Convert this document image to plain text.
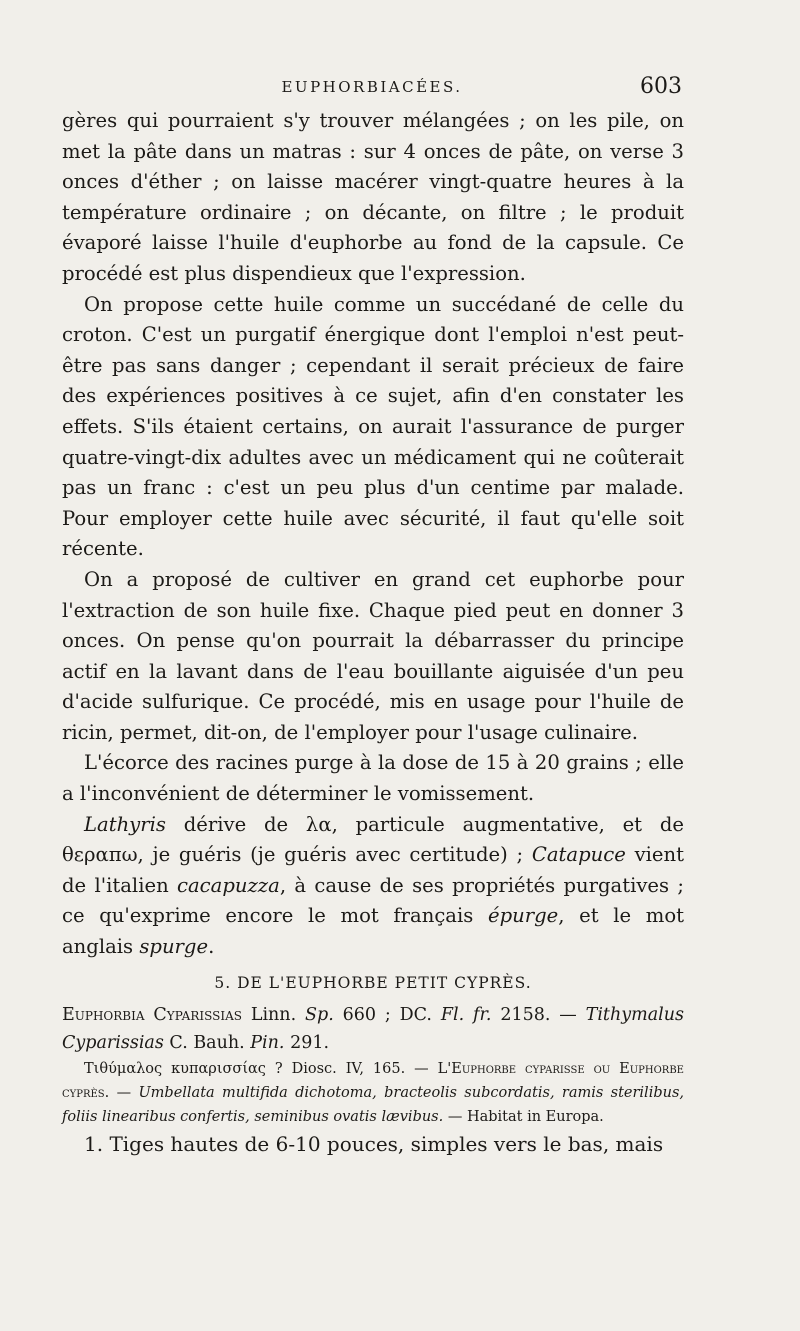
EUPHORBIACÉES.	603

gères qui pourraient s'y trouver mélangées ; on les pile, on met la pâte dans un matras : sur 4 onces de pâte, on verse 3 onces d'éther ; on laisse macérer vingt-quatre heures à la température ordinaire ; on décante, on filtre ; le produit évaporé laisse l'huile d'euphorbe au fond de la capsule. Ce procédé est plus dispendieux que l'expression.

On propose cette huile comme un succédané de celle du croton. C'est un purgatif énergique dont l'emploi n'est peut-être pas sans danger ; cependant il serait précieux de faire des expériences positives à ce sujet, afin d'en constater les effets. S'ils étaient certains, on aurait l'assurance de purger quatre-vingt-dix adultes avec un médicament qui ne coûterait pas un franc : c'est un peu plus d'un centime par malade. Pour employer cette huile avec sécurité, il faut qu'elle soit récente.

On a proposé de cultiver en grand cet euphorbe pour l'extraction de son huile fixe. Chaque pied peut en donner 3 onces. On pense qu'on pourrait la débarrasser du principe actif en la lavant dans de l'eau bouillante aiguisée d'un peu d'acide sulfurique. Ce procédé, mis en usage pour l'huile de ricin, permet, dit-on, de l'employer pour l'usage culinaire.

L'écorce des racines purge à la dose de 15 à 20 grains ; elle a l'inconvénient de déterminer le vomissement.

Lathyris dérive de λα, particule augmentative, et de θεραπω, je guéris (je guéris avec certitude) ; Catapuce vient de l'italien cacapuzza, à cause de ses propriétés purgatives ; ce qu'exprime encore le mot français épurge, et le mot anglais spurge.

5. DE L'EUPHORBE PETIT CYPRÈS.

Euphorbia Cyparissias Linn. Sp. 660 ; DC. Fl. fr. 2158. — Tithymalus Cyparissias C. Bauh. Pin. 291.

Τιθύμαλος κυπαρισσίας ? Diosc. IV, 165. — L'Euphorbe cyparisse ou Euphorbe cyprès. — Umbellata multifida dichotoma, bracteolis subcordatis, ramis sterilibus, foliis linearibus confertis, seminibus ovatis lævibus. — Habitat in Europa.

1. Tiges hautes de 6-10 pouces, simples vers le bas, mais
